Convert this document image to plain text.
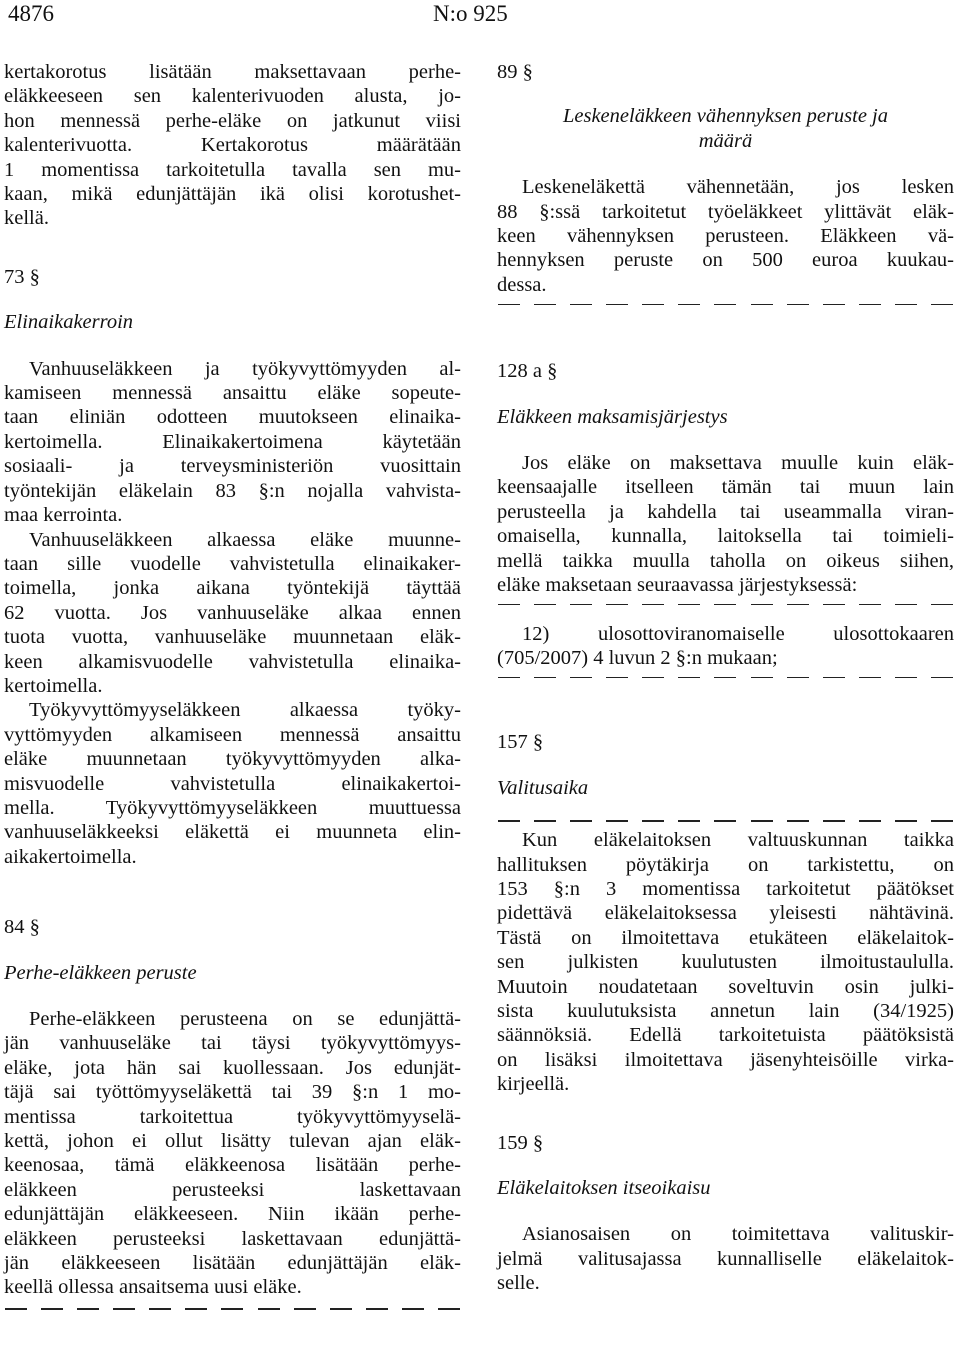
4876	N:o 925

kertakorotus lisätään maksettavaan perhe-
eläkkeeseen sen kalenterivuoden alusta, jo-
hon mennessä perhe-eläke on jatkunut viisi
kalenterivuotta. Kertakorotus määrätään
1 momentissa tarkoitetulla tavalla sen mu-
kaan, mikä edunjättäjän ikä olisi korotushet-
kellä.

73 §

Elinaikakerroin

Vanhuuseläkkeen ja työkyvyttömyyden al-
kamiseen mennessä ansaittu eläke sopeute-
taan eliniän odotteen muutokseen elinaika-
kertoimella. Elinaikakertoimena käytetään
sosiaali- ja terveysministeriön vuosittain
työntekijän eläkelain 83 §:n nojalla vahvista-
maa kerrointa.

Vanhuuseläkkeen alkaessa eläke muunne-
taan sille vuodelle vahvistetulla elinaikaker-
toimella, jonka aikana työntekijä täyttää
62 vuotta. Jos vanhuuseläke alkaa ennen
tuota vuotta, vanhuuseläke muunnetaan eläk-
keen alkamisvuodelle vahvistetulla elinaika-
kertoimella.

Työkyvyttömyyseläkkeen alkaessa työky-
vyttömyyden alkamiseen mennessä ansaittu
eläke muunnetaan työkyvyttömyyden alka-
misvuodelle vahvistetulla elinaikakertoi-
mella. Työkyvyttömyyseläkkeen muuttuessa
vanhuuseläkkeeksi eläkettä ei muunneta elin-
aikakertoimella.

84 §

Perhe-eläkkeen peruste

Perhe-eläkkeen perusteena on se edunjättä-
jän vanhuuseläke tai täysi työkyvyttömyys-
eläke, jota hän sai kuollessaan. Jos edunjät-
täjä sai työttömyyseläkettä tai 39 §:n 1 mo-
mentissa tarkoitettua työkyvyttömyyselä-
kettä, johon ei ollut lisätty tulevan ajan eläk-
keenosaa, tämä eläkkeenosa lisätään perhe-
eläkkeen perusteeksi laskettavaan
edunjättäjän eläkkeeseen. Niin ikään perhe-
eläkkeen perusteeksi laskettavaan edunjättä-
jän eläkkeeseen lisätään edunjättäjän eläk-
keellä ollessa ansaitsema uusi eläke.

89 §

Leskeneläkkeen vähennyksen peruste ja
määrä

Leskeneläkettä vähennetään, jos lesken
88 §:ssä tarkoitetut työeläkkeet ylittävät eläk-
keen vähennyksen perusteen. Eläkkeen vä-
hennyksen peruste on 500 euroa kuukau-
dessa.

128 a §

Eläkkeen maksamisjärjestys

Jos eläke on maksettava muulle kuin eläk-
keensaajalle itselleen tämän tai muun lain
perusteella ja kahdella tai useammalla viran-
omaisella, kunnalla, laitoksella tai toimieli-
mellä taikka muulla taholla on oikeus siihen,
eläke maksetaan seuraavassa järjestyksessä:

12) ulosottoviranomaiselle ulosottokaaren
(705/2007) 4 luvun 2 §:n mukaan;

157 §

Valitusaika

Kun eläkelaitoksen valtuuskunnan taikka
hallituksen pöytäkirja on tarkistettu, on
153 §:n 3 momentissa tarkoitetut päätökset
pidettävä eläkelaitoksessa yleisesti nähtävinä.
Tästä on ilmoitettava etukäteen eläkelaitok-
sen julkisten kuulutusten ilmoitustaululla.
Muutoin noudatetaan soveltuvin osin julki-
sista kuulutuksista annetun lain (34/1925)
säännöksiä. Edellä tarkoitetuista päätöksistä
on lisäksi ilmoitettava jäsenyhteisöille virka-
kirjeellä.

159 §

Eläkelaitoksen itseoikaisu

Asianosaisen on toimitettava valituskir-
jelmä valitusajassa kunnalliselle eläkelaitok-
selle.
